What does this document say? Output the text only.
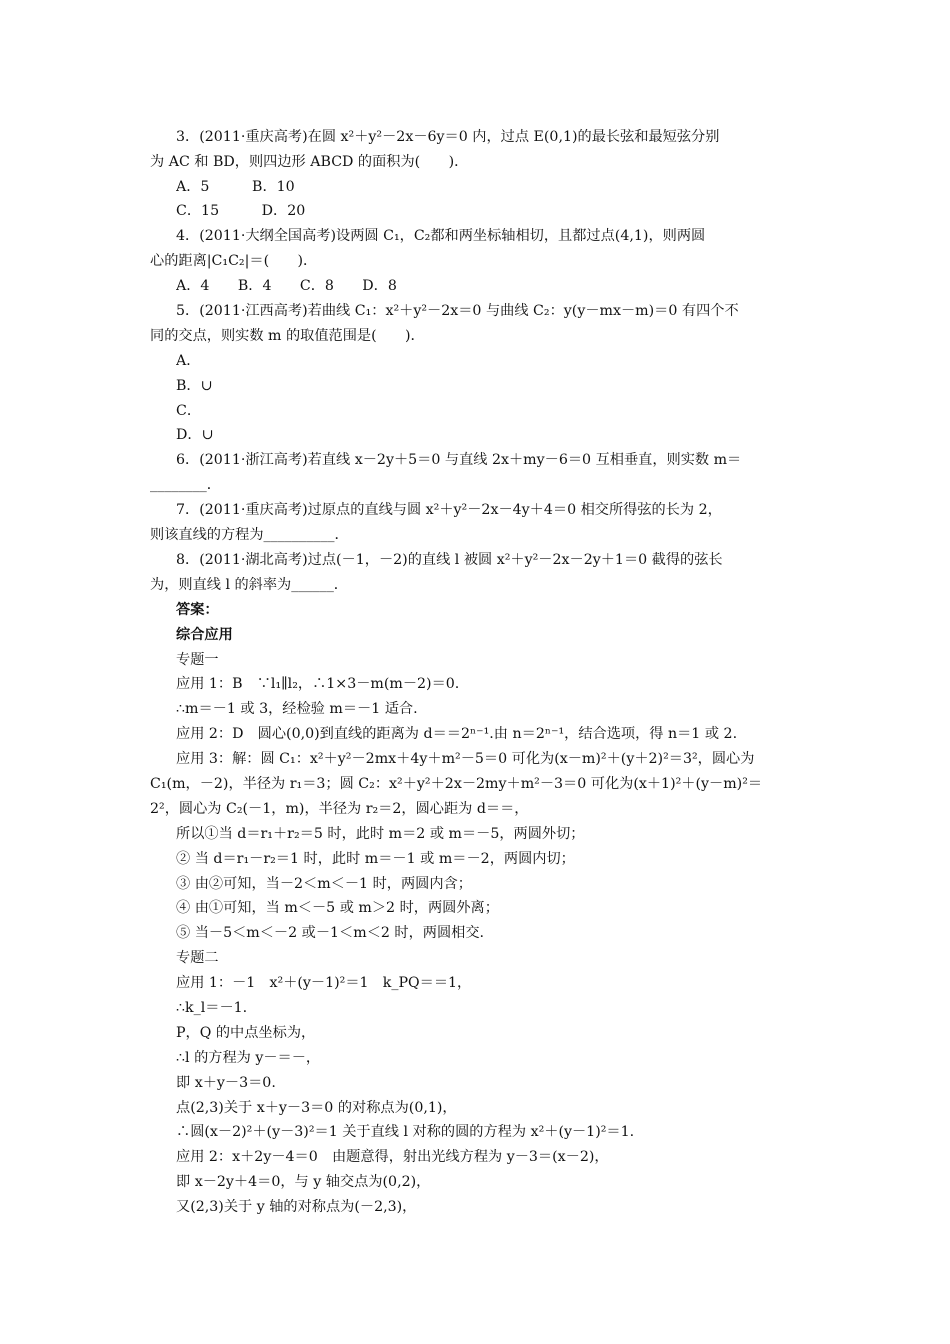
3．(2011·重庆高考)在圆 x²＋y²－2x－6y＝0 内，过点 E(0,1)的最长弦和最短弦分别
为 AC 和 BD，则四边形 ABCD 的面积为(　　)．
A．5　　　B．10
C．15　　　D．20
4．(2011·大纲全国高考)设两圆 C₁，C₂都和两坐标轴相切，且都过点(4,1)，则两圆
心的距离|C₁C₂|＝(　　)．
A．4　　B．4　　C．8　　D．8
5．(2011·江西高考)若曲线 C₁：x²＋y²－2x＝0 与曲线 C₂：y(y－mx－m)＝0 有四个不
同的交点，则实数 m 的取值范围是(　　)．
A．
B．∪
C．
D．∪
6．(2011·浙江高考)若直线 x－2y＋5＝0 与直线 2x＋my－6＝0 互相垂直，则实数 m＝
________．
7．(2011·重庆高考)过原点的直线与圆 x²＋y²－2x－4y＋4＝0 相交所得弦的长为 2，
则该直线的方程为__________．
8．(2011·湖北高考)过点(－1，－2)的直线 l 被圆 x²＋y²－2x－2y＋1＝0 截得的弦长
为，则直线 l 的斜率为______．
答案：
综合应用
专题一
应用 1：B　∵l₁∥l₂，∴1×3－m(m－2)＝0.
∴m＝－1 或 3，经检验 m＝－1 适合.
应用 2：D　圆心(0,0)到直线的距离为 d＝＝2ⁿ⁻¹.由 n＝2ⁿ⁻¹，结合选项，得 n＝1 或 2.
应用 3：解：圆 C₁：x²＋y²－2mx＋4y＋m²－5＝0 可化为(x－m)²＋(y＋2)²＝3²，圆心为
C₁(m，－2)，半径为 r₁＝3；圆 C₂：x²＋y²＋2x－2my＋m²－3＝0 可化为(x＋1)²＋(y－m)²＝
2²，圆心为 C₂(－1，m)，半径为 r₂＝2，圆心距为 d＝＝，
所以①当 d＝r₁＋r₂＝5 时，此时 m＝2 或 m＝－5，两圆外切；
② 当 d＝r₁－r₂＝1 时，此时 m＝－1 或 m＝－2，两圆内切；
③ 由②可知，当－2＜m＜－1 时，两圆内含；
④ 由①可知，当 m＜－5 或 m＞2 时，两圆外离；
⑤ 当－5＜m＜－2 或－1＜m＜2 时，两圆相交.
专题二
应用 1：－1　x²＋(y－1)²＝1　k_PQ＝＝1，
∴k_l＝－1.
P，Q 的中点坐标为，
∴l 的方程为 y－＝－，
即 x＋y－3＝0.
点(2,3)关于 x＋y－3＝0 的对称点为(0,1)，
∴圆(x－2)²＋(y－3)²＝1 关于直线 l 对称的圆的方程为 x²＋(y－1)²＝1.
应用 2：x＋2y－4＝0　由题意得，射出光线方程为 y－3＝(x－2)，
即 x－2y＋4＝0，与 y 轴交点为(0,2)，
又(2,3)关于 y 轴的对称点为(－2,3)，
